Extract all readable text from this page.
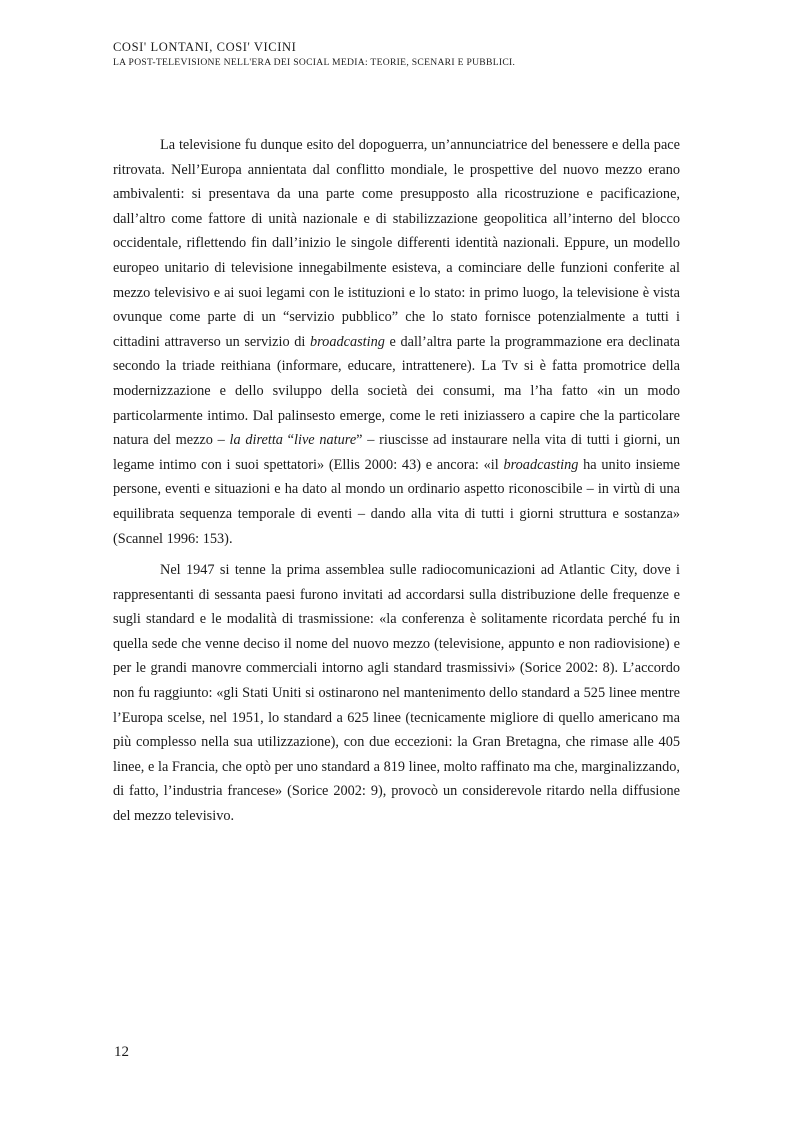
COSI' LONTANI, COSI' VICINI
LA POST-TELEVISIONE NELL'ERA DEI SOCIAL MEDIA: TEORIE, SCENARI E PUBBLICI.

La televisione fu dunque esito del dopoguerra, un’annunciatrice del benessere e della pace ritrovata. Nell’Europa annientata dal conflitto mondiale, le prospettive del nuovo mezzo erano ambivalenti: si presentava da una parte come presupposto alla ricostruzione e pacificazione, dall’altro come fattore di unità nazionale e di stabilizzazione geopolitica all’interno del blocco occidentale, riflettendo fin dall’inizio le singole differenti identità nazionali. Eppure, un modello europeo unitario di televisione innegabilmente esisteva, a cominciare delle funzioni conferite al mezzo televisivo e ai suoi legami con le istituzioni e lo stato: in primo luogo, la televisione è vista ovunque come parte di un “servizio pubblico” che lo stato fornisce potenzialmente a tutti i cittadini attraverso un servizio di broadcasting e dall’altra parte la programmazione era declinata secondo la triade reithiana (informare, educare, intrattenere). La Tv si è fatta promotrice della modernizzazione e dello sviluppo della società dei consumi, ma l’ha fatto «in un modo particolarmente intimo. Dal palinsesto emerge, come le reti iniziassero a capire che la particolare natura del mezzo – la diretta “live nature” – riuscisse ad instaurare nella vita di tutti i giorni, un legame intimo con i suoi spettatori» (Ellis 2000: 43) e ancora: «il broadcasting ha unito insieme persone, eventi e situazioni e ha dato al mondo un ordinario aspetto riconoscibile – in virtù di una equilibrata sequenza temporale di eventi – dando alla vita di tutti i giorni struttura e sostanza» (Scannel 1996: 153).

Nel 1947 si tenne la prima assemblea sulle radiocomunicazioni ad Atlantic City, dove i rappresentanti di sessanta paesi furono invitati ad accordarsi sulla distribuzione delle frequenze e sugli standard e le modalità di trasmissione: «la conferenza è solitamente ricordata perché fu in quella sede che venne deciso il nome del nuovo mezzo (televisione, appunto e non radiovisione) e per le grandi manovre commerciali intorno agli standard trasmissivi» (Sorice 2002: 8). L’accordo non fu raggiunto: «gli Stati Uniti si ostinarono nel mantenimento dello standard a 525 linee mentre l’Europa scelse, nel 1951, lo standard a 625 linee (tecnicamente migliore di quello americano ma più complesso nella sua utilizzazione), con due eccezioni: la Gran Bretagna, che rimase alle 405 linee, e la Francia, che optò per uno standard a 819 linee, molto raffinato ma che, marginalizzando, di fatto, l’industria francese» (Sorice 2002: 9), provocò un considerevole ritardo nella diffusione del mezzo televisivo.

12
